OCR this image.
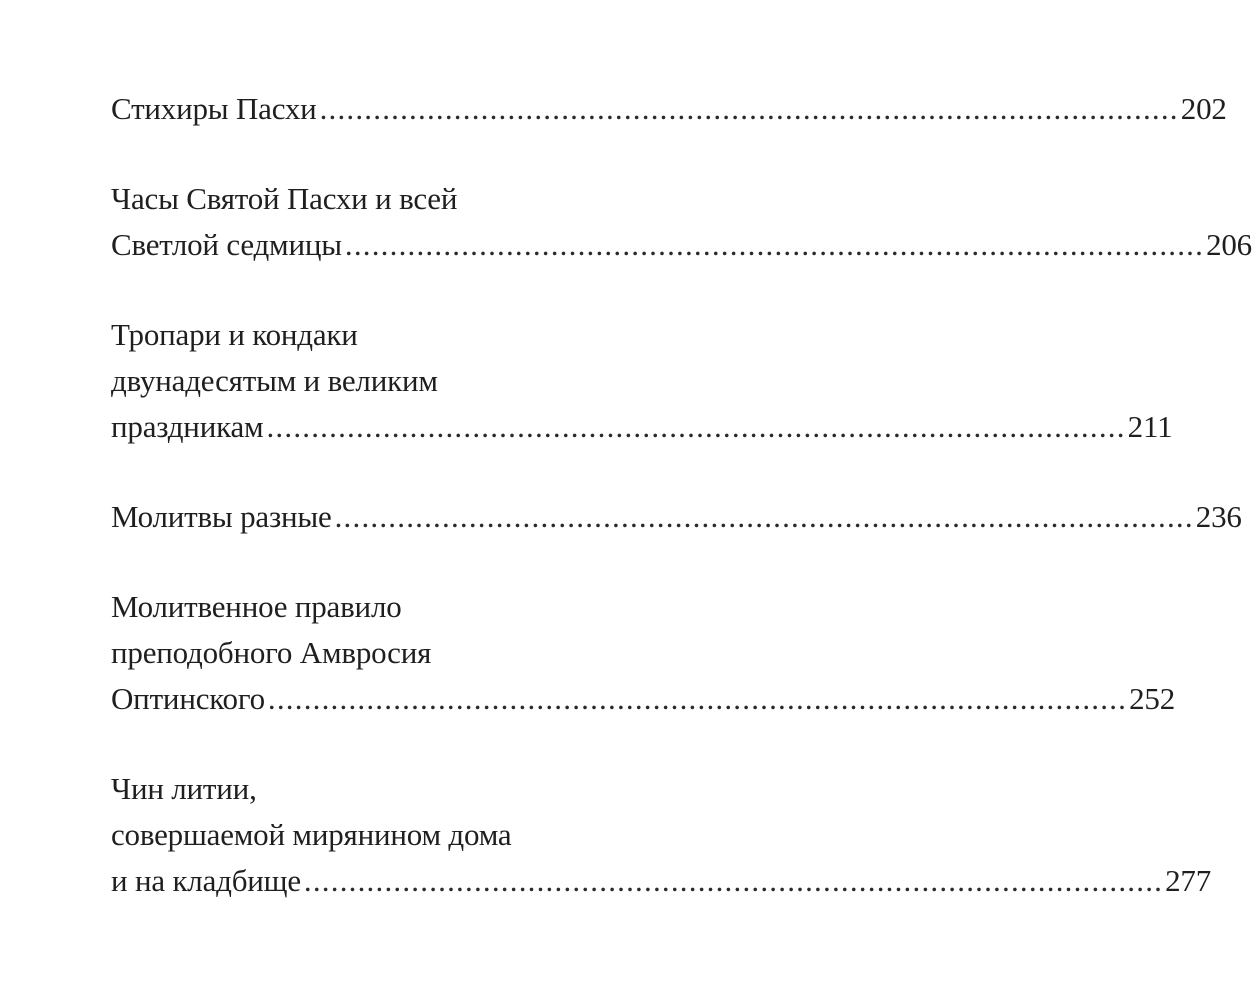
Стихиры Пасхи ................................................................................................ 202
Часы Святой Пасхи и всей
Светлой седмицы ................................................................................................ 206
Тропари и кондаки
двунадесятым и великим
праздникам ................................................................................................ 211
Молитвы разные ................................................................................................ 236
Молитвенное правило
преподобного Амвросия
Оптинского ................................................................................................ 252
Чин литии,
совершаемой мирянином дома
и на кладбище ................................................................................................ 277
